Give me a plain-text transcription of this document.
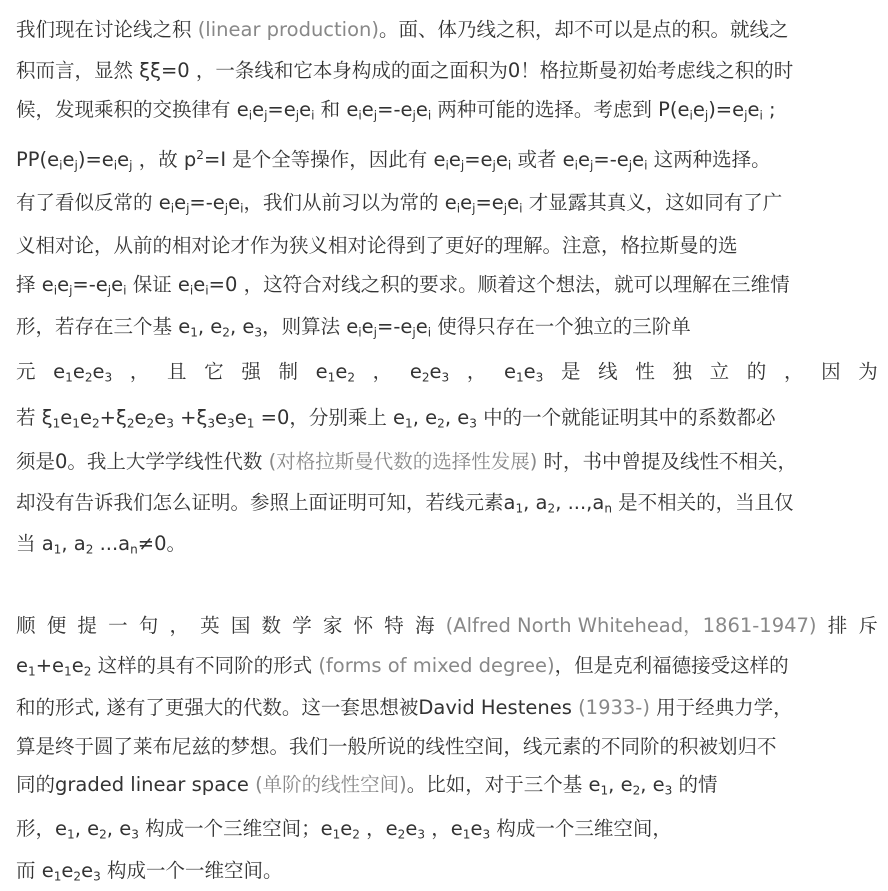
我们现在讨论线之积 (linear production)。面、体乃线之积，却不可以是点的积。就线之
积而言，显然 ξξ=0 ，一条线和它本身构成的面之面积为0！格拉斯曼初始考虑线之积的时
候，发现乘积的交换律有 $e_ie_j=e_je_i$ 和 $e_ie_j=-e_je_i$ 两种可能的选择。考虑到 $P(e_ie_j)=e_je_i$ ;
$PP(e_ie_j)=e_ie_j$ ，故 $p^2=I$ 是个全等操作，因此有 $e_ie_j=e_je_i$ 或者 $e_ie_j=-e_je_i$ 这两种选择。
有了看似反常的 $e_ie_j=-e_je_i$，我们从前习以为常的 $e_ie_j=e_je_i$ 才显露其真义，这如同有了广
义相对论，从前的相对论才作为狭义相对论得到了更好的理解。注意，格拉斯曼的选
择 $e_ie_j=-e_je_i$ 保证 $e_ie_i=0$ ，这符合对线之积的要求。顺着这个想法，就可以理解在三维情
形，若存在三个基 $e_1$, $e_2$, $e_3$，则算法 $e_ie_j=-e_je_i$ 使得只存在一个独立的三阶单
元 $e_1e_2e_3$ ， 且 它 强 制 $e_1e_2$ ， $e_2e_3$ ， $e_1e_3$ 是 线 性 独 立 的 ， 因 为
若 $\xi_1e_1e_2+\xi_2e_2e_3 +\xi_3e_3e_1 =0$，分别乘上 $e_1$, $e_2$, $e_3$ 中的一个就能证明其中的系数都必
须是0。我上大学学线性代数 (对格拉斯曼代数的选择性发展) 时，书中曾提及线性不相关，
却没有告诉我们怎么证明。参照上面证明可知，若线元素$a_1$, $a_2$, $...,a_n$ 是不相关的，当且仅
当 $a_1$, $a_2$ $...a_n\ne 0$。
顺 便 提 一 句 ， 英 国 数 学 家 怀 特 海 (Alfred North Whitehead，1861-1947) 排 斥
$e_1+e_1e_2$ 这样的具有不同阶的形式 (forms of mixed degree)，但是克利福德接受这样的
和的形式, 遂有了更强大的代数。这一套思想被David Hestenes (1933-) 用于经典力学，
算是终于圆了莱布尼兹的梦想。我们一般所说的线性空间，线元素的不同阶的积被划归不
同的graded linear space (单阶的线性空间)。比如，对于三个基 $e_1$, $e_2$, $e_3$ 的情
形，$e_1$, $e_2$, $e_3$ 构成一个三维空间；$e_1e_2$ ，$e_2e_3$ ，$e_1e_3$ 构成一个三维空间，
而 $e_1e_2e_3$ 构成一个一维空间。
